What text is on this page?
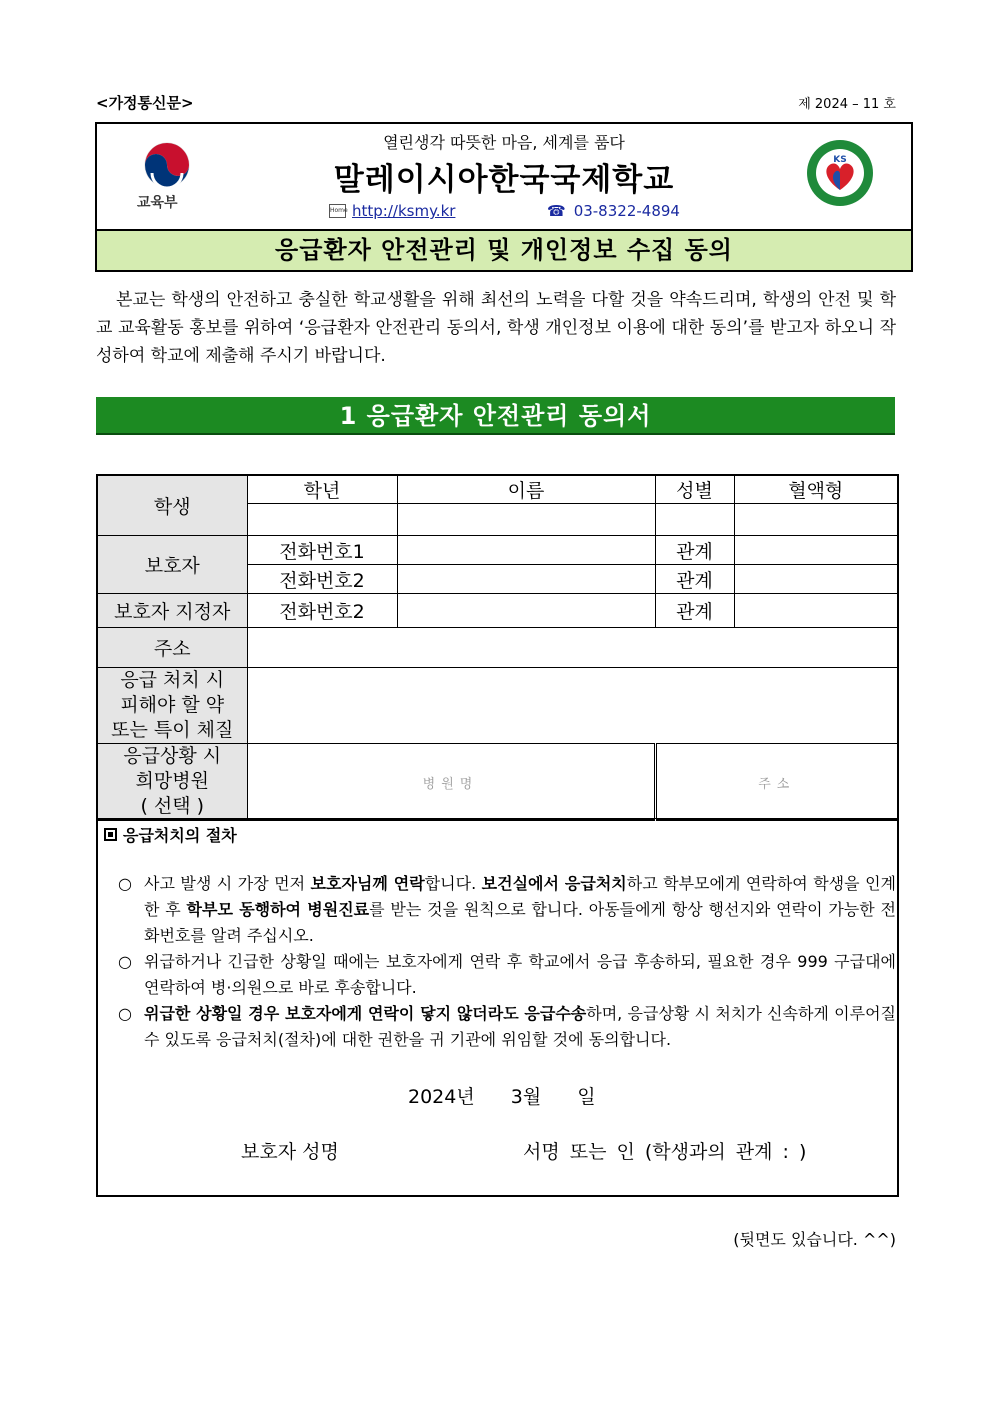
<가정통신문>	제 2024 – 11 호
교육부
열린생각 따뜻한 마음, 세계를 품다
말레이시아한국국제학교
Home http://ksmy.kr	☎ 03-8322-4894
KS
응급환자 안전관리 및 개인정보 수집 동의

본교는 학생의 안전하고 충실한 학교생활을 위해 최선의 노력을 다할 것을 약속드리며, 학생의 안전 및 학교 교육활동 홍보를 위하여 ‘응급환자 안전관리 동의서, 학생 개인정보 이용에 대한 동의’를 받고자 하오니 작성하여 학교에 제출해 주시기 바랍니다.

1 응급환자 안전관리 동의서
학생	학년	이름	성별	혈액형

보호자	전화번호1		관계	
	전화번호2		관계	
보호자 지정자	전화번호2		관계	
주소				

응급 처치 시
피해야 할 약
또는 특이 체질				

응급상황 시
희망병원
( 선택 )	병원명		주소	
응급처치의 절차
○ 사고 발생 시 가장 먼저 보호자님께 연락합니다. 보건실에서 응급처치하고 학부모에게 연락하여 학생을 인계한 후 학부모 동행하여 병원진료를 받는 것을 원칙으로 합니다. 아동들에게 항상 행선지와 연락이 가능한 전화번호를 알려 주십시오.
○ 위급하거나 긴급한 상황일 때에는 보호자에게 연락 후 학교에서 응급 후송하되, 필요한 경우 999 구급대에 연락하여 병·의원으로 바로 후송합니다.
○ 위급한 상황일 경우 보호자에게 연락이 닿지 않더라도 응급수송하며, 응급상황 시 처치가 신속하게 이루어질 수 있도록 응급처치(절차)에 대한 권한을 귀 기관에 위임할 것에 동의합니다.
2024년 3월 일
보호자 성명	서명 또는 인 (학생과의 관계 : )
(뒷면도 있습니다. ^^)
